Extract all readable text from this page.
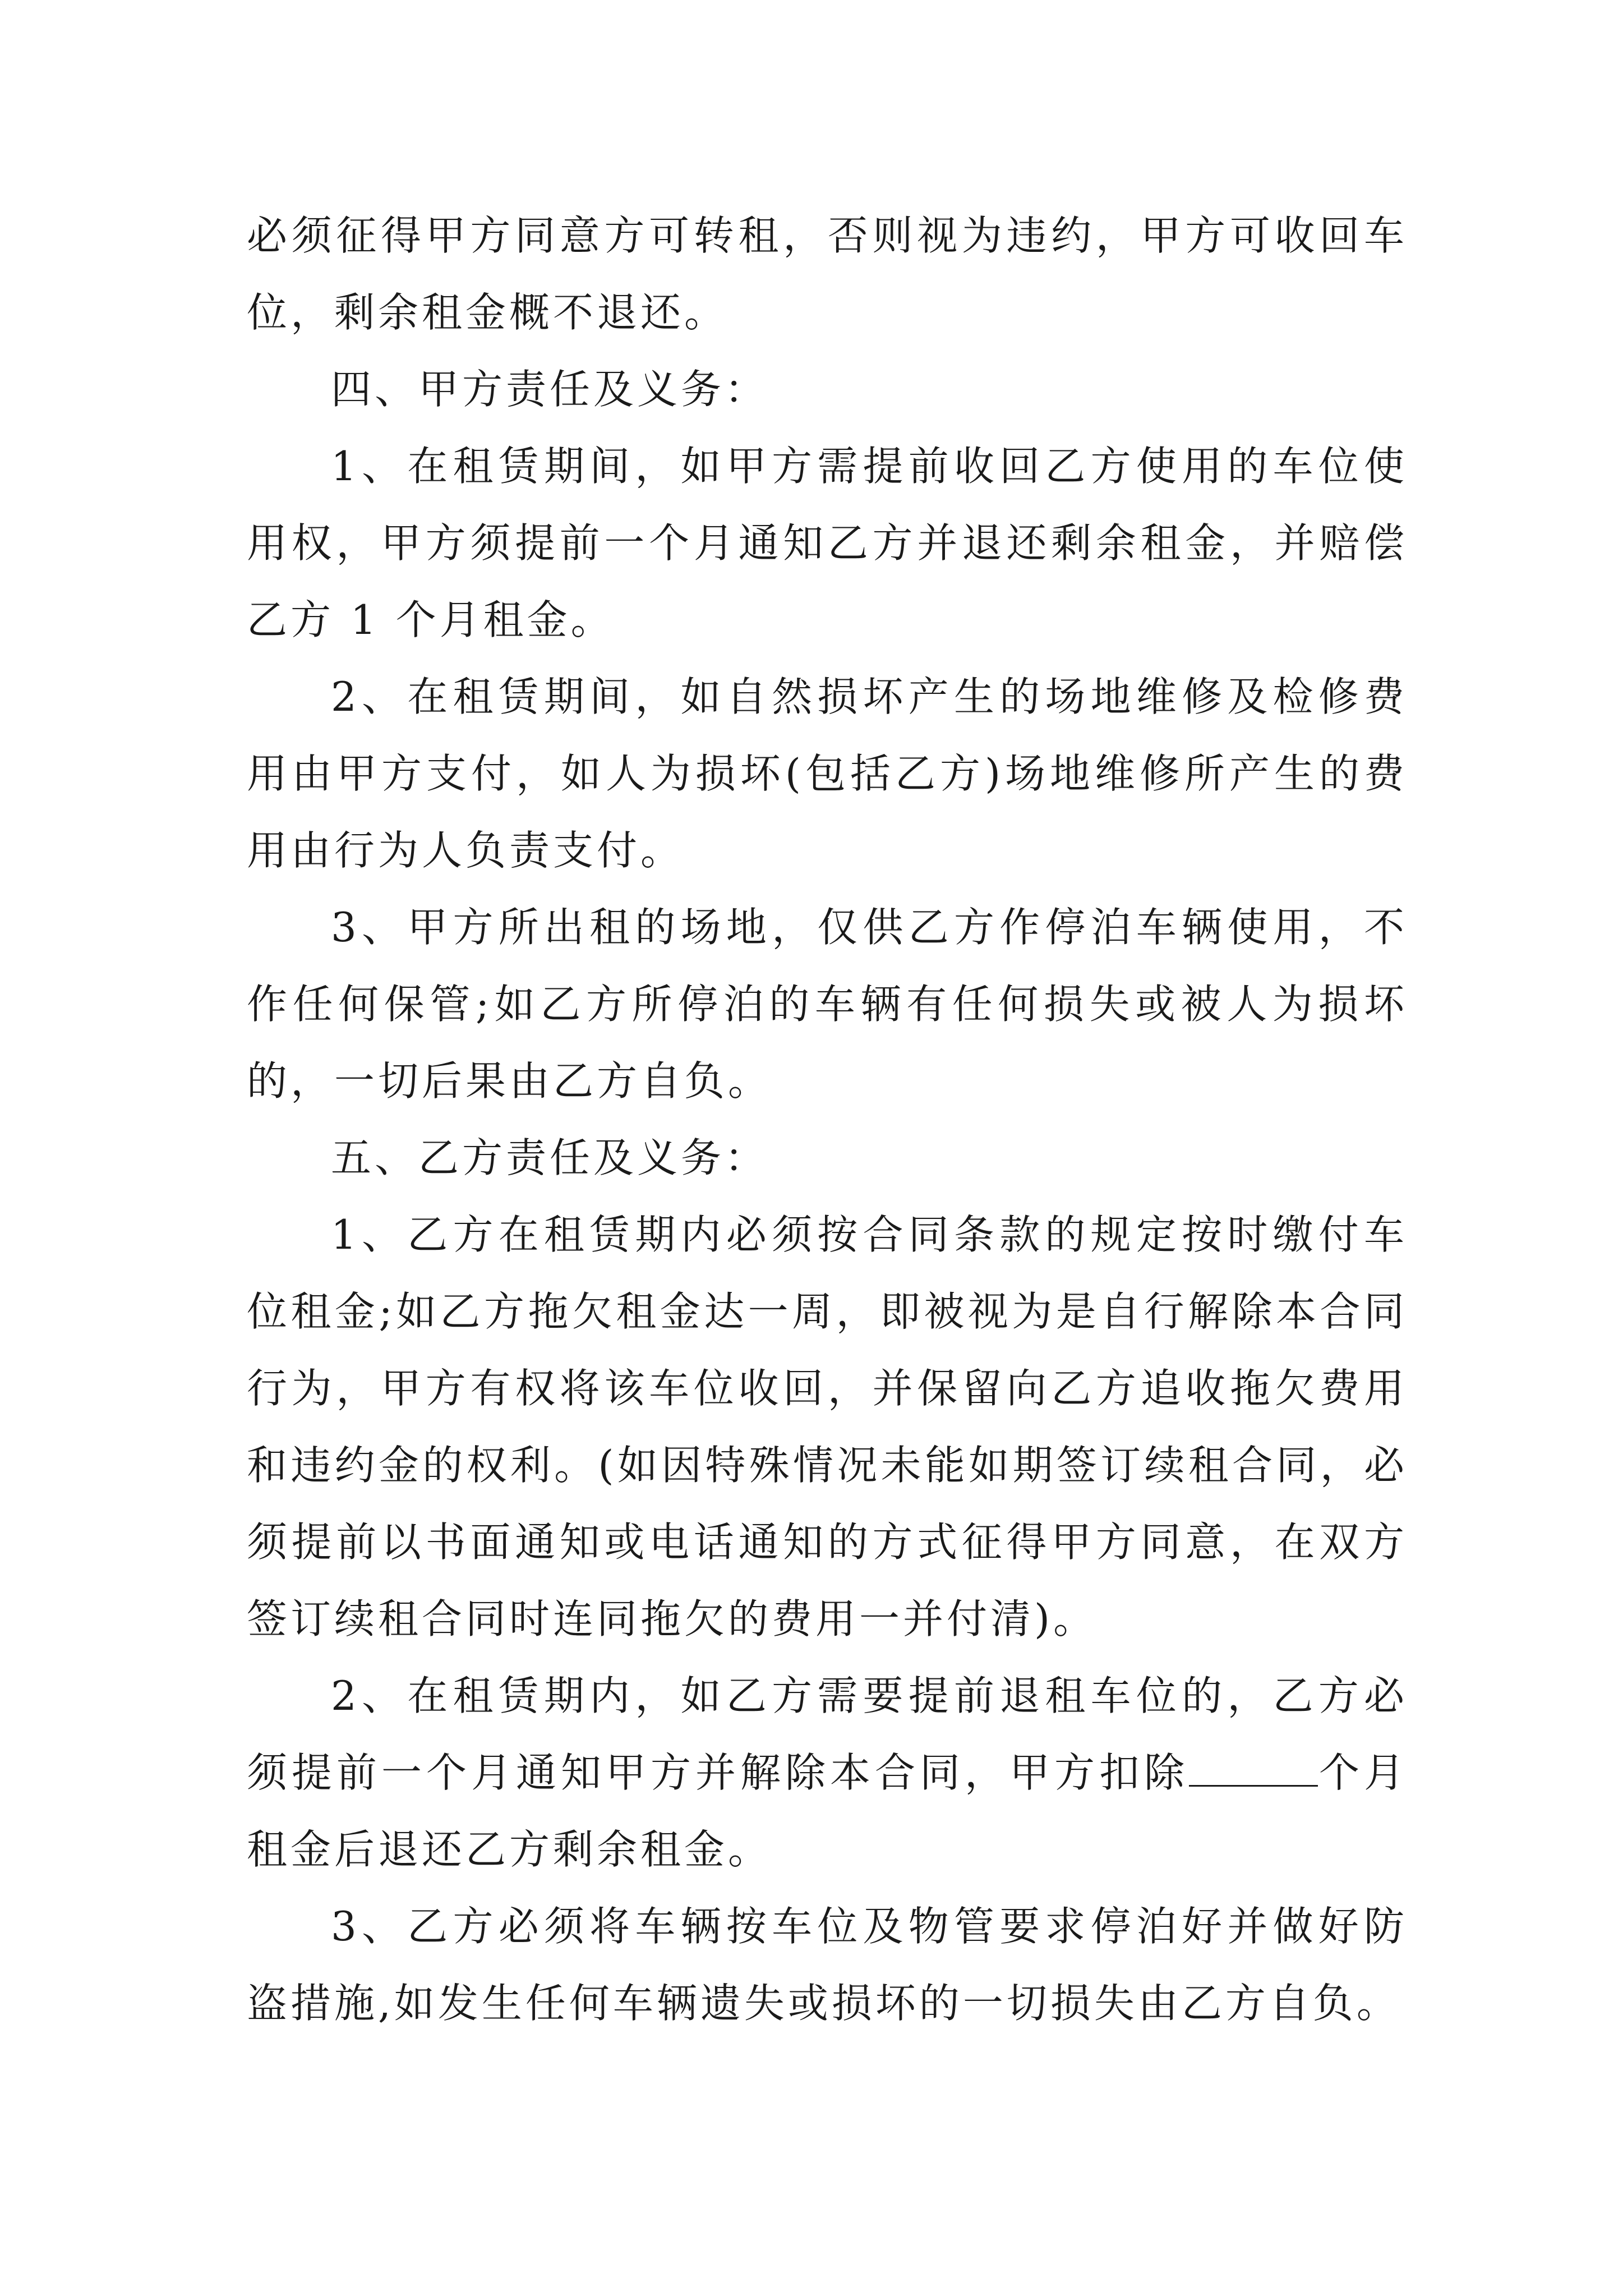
必须征得甲方同意方可转租，否则视为违约，甲方可收回车位，剩余租金概不退还。

四、甲方责任及义务：

1、在租赁期间，如甲方需提前收回乙方使用的车位使用权，甲方须提前一个月通知乙方并退还剩余租金，并赔偿乙方 1 个月租金。

2、在租赁期间，如自然损坏产生的场地维修及检修费用由甲方支付，如人为损坏(包括乙方)场地维修所产生的费用由行为人负责支付。

3、甲方所出租的场地，仅供乙方作停泊车辆使用，不作任何保管;如乙方所停泊的车辆有任何损失或被人为损坏的，一切后果由乙方自负。

五、乙方责任及义务：

1、乙方在租赁期内必须按合同条款的规定按时缴付车位租金;如乙方拖欠租金达一周，即被视为是自行解除本合同行为，甲方有权将该车位收回，并保留向乙方追收拖欠费用和违约金的权利。(如因特殊情况未能如期签订续租合同，必须提前以书面通知或电话通知的方式征得甲方同意，在双方签订续租合同时连同拖欠的费用一并付清)。

2、在租赁期内，如乙方需要提前退租车位的，乙方必须提前一个月通知甲方并解除本合同，甲方扣除	个月租金后退还乙方剩余租金。

3、乙方必须将车辆按车位及物管要求停泊好并做好防盗措施,如发生任何车辆遗失或损坏的一切损失由乙方自负。
